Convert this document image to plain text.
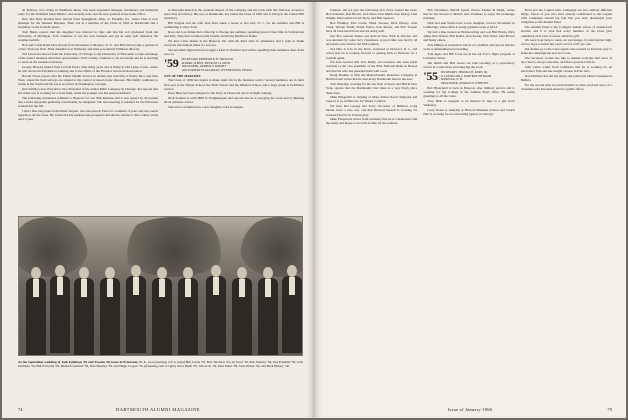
At Fellows, now living in Westfield, Mass., has been appointed manager, machinery and industrial sales, for the Westfield Sales District, and recently took over his new position in the home office.

Don and Mary Ronald have moved from Springfield, Ohio, to Franklin, Pa., where Don is now manager for the Western Division. Their son is a member of the Class of 1963 at Dartmouth and a freshman on the football squad.

Tom Burns reports that his daughter was married in June and that his son graduated from the University of Michigan. Tom continues to run his own business and get in some golf whenever the weather permits.

Bob and Carlie Rand have moved from Rosemont to Monroe, N. Y., and Bob has become a partner in a New York law firm. Their daughter is at Wellesley and their son entered Williston this fall.

Ted Lewis has moved from the University of Chicago to the University of Wisconsin to take advantage of the latter's business education opportunities. Ted's writing continues to be successful and he is teaching a course in the extension division.

George Howard retired from Lord & Taylor after thirty years and is living in Old Lyme, Conn., where he will devote his full time to painting and to the affairs of the Florence Griswold Association.

Harold Chase reports that the Public Health Service in Atlanta has sent him to Puerto Rico and then West, where his field surveys are related to the control of insect-borne diseases. His family continues to reside in the South and his son is at school in Washington, Georgia.

Dan Smith is now Executive Vice President of the Allied Mills Company in Chicago and reports that his oldest son is working for a local bank, while his younger son has entered Amherst.

The following classmates returned to Hanover for our 35th Reunion and it was agreed by all present that a more enjoyable gathering could hardly be imagined. The next meeting is planned for the Princeton weekend in the fall.

I had a fine long letter from Emile Sergent, who has been in Paris for a number of years and who sends regards to all the Class. He writes that his business has prospered and that he returns to this country about once a year.

in Mesquite Ranch in the grounds thereof of the company and his work with this firm has covered a great deal of territory. His son, at Dartmouth, has joined the Class of 1962 and is living in the Cohen Hall dormitory.

Bill Sargent and his wife Jean have taken a house at Sea Girt, N. J., for the summer and Bill is commuting to New York.

Ross and Lois Kinne had a fine trip to Europe last summer, spending most of their time in Switzerland and Italy. They had a reunion with Charlie and Kathy Ritchie in Rome.

We had a fine dinner at the Hanover Inn with the third class in attendance and I want to thank everyone who helped make it a success.

Ted and Ruth Ingersoll have bought a farm in Vermont and will be spending their summers there from now on.

'59 SECRETARY, FREDERICK H. TRUSLOW
49 PARK STREET, DETROIT 14, MICH.
TREASURER, ARTHUR S. KNIGHT
1204 PORTERE PLAZA ROAD, WYNNEWOOD, PENNA.

OUT OF THE MARCHES

The Class of 1959 has begun to make itself felt in the business world. Several members are in their first year at the Thayer School, the Tuck School and the Medical School, and a large group is in military service.

Dave Hess has been assigned to the Navy in Pensacola and is in flight training.

Dick Sanders is with IBM in Poughkeepsie and reports that he is enjoying the work and is thinking about graduate school.

Sam and Lou Dunn have a new daughter, born in August.

At the September wedding of Jack Feldman '59 and Yvonne Terrence in Princeton, N. J., were (starting, left to right) Bill Lewis '59, Bob Terrence '54, Al Scott '59, Bob Stanley '59, Ted Franklin '59, Jack Feldman '59, Bill Forsythe '59, Richard Garman '59, Pete Bentley '59, and Hugh Cooper '59. (Kneeling, left to right) Steve Bush '59, Jim Scott '59, Paul Stiles '59, Jack Welter '59, and Rick Hersey '59.
74	DARTMOUTH ALUMNI MAGAZINE

Johnson, but we give the following new faces around the class: Bob Schubert, Dan Brown, Jack Shaw, Don Smith, Pete Morey, Chet Wright, Pete Gould, Lloyd Sayre, and Bert Spencer.

Bob Plumley, Pete Carter, Mark Stevens, Dick Hewey, John Clark, Warren Smith, Frank Taylor, Jack Moran, and Bob Towner have all been heard from and are doing well.

Our first reunion dinner was held in New York in October and was attended by some forty classmates. A good time was had by all and plans were laid for the fifth reunion.

Ted Hart is now in the Navy, stationed at Newport, R. I., and writes that he is looking forward to getting back to Hanover for a football game.

We have learned that Jack Reilly, our treasurer, has been made assistant to the vice president of the First National Bank in Boston and that his wife has presented him with a son.

Doug Hoskins is with the Massachusetts Insurance Company in Hartford and writes that he sees many Dartmouth men in the area.

Tom Mulcahy, working for the law firm of Spear and Hill in New York, reports that the Dartmouth Club there is a very lively place these days.

Mike Fitzgerald is training at Mare Island Naval Shipyard and expects to be in Hanover for Winter Carnival.

We hear that George and Terry O'Connor of Bellport, Long Island, have a new son, and that Richard Newell is working for General Electric in Schenectady.

Mike Fitzpatrick writes from Germany that he is a lieutenant with the Army and hopes to be back in time for the reunion.

Bob Woodbury, Merrill Lynch, Pierce, Fenner & Smith, writes that he has moved to Boston and continues to enjoy the brokerage business.

Dick and Ann Wicks have a new daughter, born in November in Cambridge, where Dick is doing graduate work at M.I.T.

We had a fine turnout at Homecoming and saw Bill Harris, Dick Allen, Bob Dalton, Phil Keller, Stan Jordan, Tom Ward, John Brown and many others.

Jack Phillips is in medical school at Columbia and reports that the work is demanding but rewarding.

Tom Ayers and Bill Cook are in the Air Force flight program at Lackland, Texas.

Jim Smith and Bob Green are both teaching at a preparatory school in Connecticut and enjoying the work.

'55 SECRETARY, THOMAS H. KERN, JR.
115 AYERS MILL, DARTMOUTH ROAD
HANOVER, N. H.
TREASURER, GEORGE H. WHITNEY

Bob Blanchard is back in Hanover after military service and is working for the College in the Alumni Fund office. He sends greetings to all the Class.

Tony Blair is engaged to be married in June to a girl from Wellesley.

Larry Nolan is studying at Harvard Business School and Chuck Hart is working for an advertising agency in Chicago.

Fund and the Capital Gifts Campaign are two entirely different things. Those of you who have already contributed to the Capital Gifts Campaign should not feel that you have discharged your obligation to the Alumni Fund.

The Alumni Fund is the College's annual source of unrestricted income, and it is vital that every member of the Class give something each year, however small the gift.

We need your help to keep our percentage of participation high, and we hope to better last year's record of 67 per cent.

Our thanks go to the Class agents who worked so hard last year to make the campaign the success it was.

The Secretary would also like to remind everyone that news of the Class is always welcome, and that a postcard will do.

John Curtis writes from California that he is working for an electronics firm and has bought a house in Palo Alto.

Pete Hollister has left the Army and joined his father's business in Buffalo.

For the second time in recent months we have received news of a classmate who has been elected to public office.

Issue of January 1960	75
